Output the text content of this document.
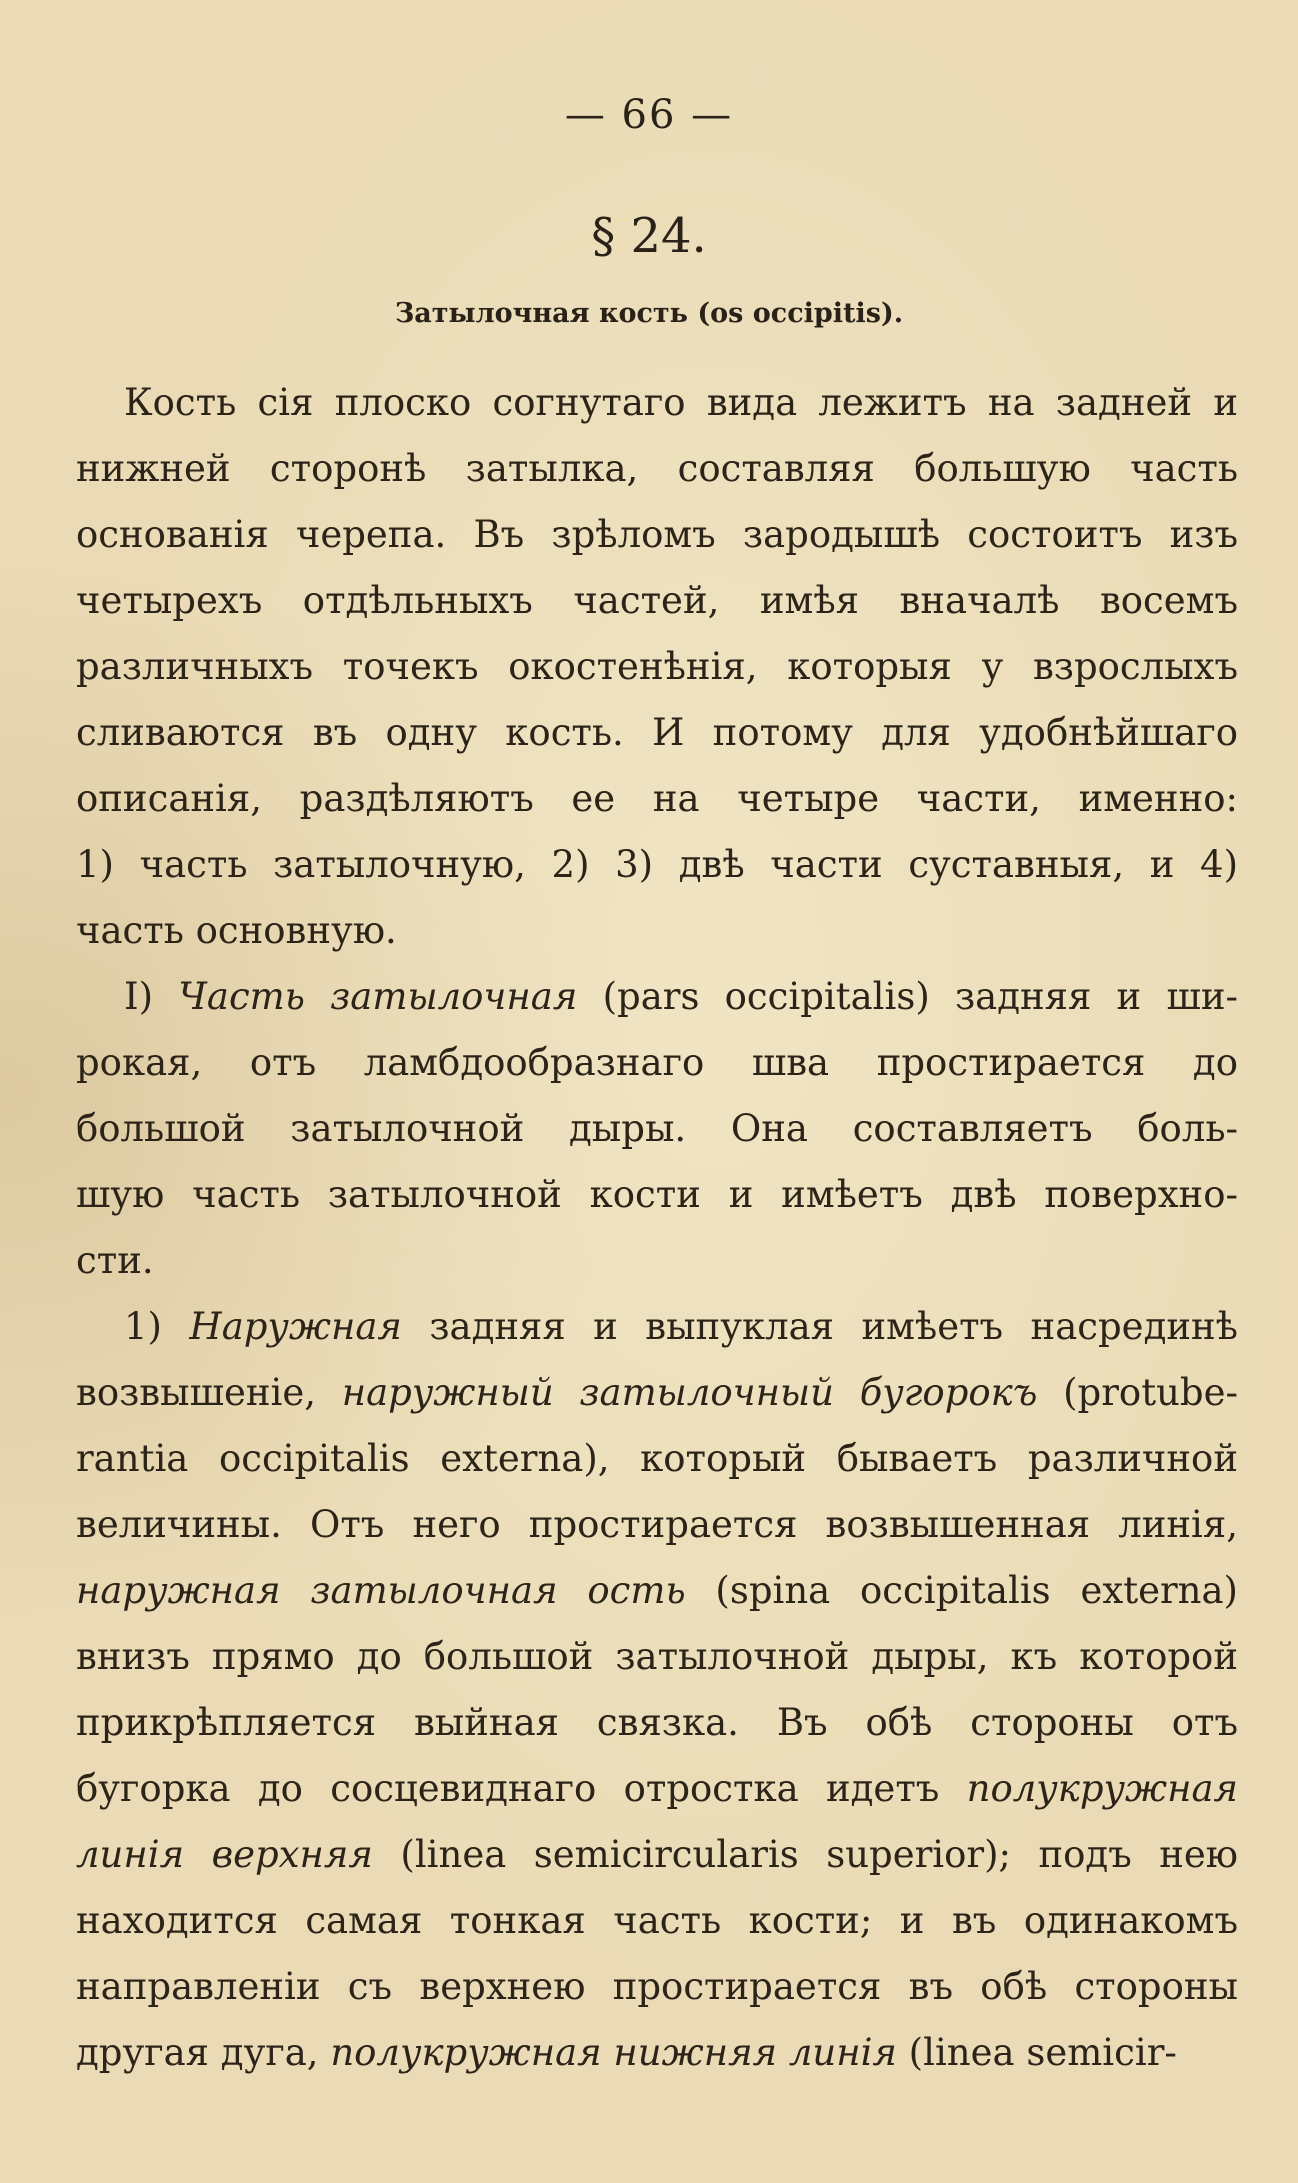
— 66 —
§ 24.
Затылочная кость (os occipitis).
Кость сія плоско согнутаго вида лежитъ на задней и
нижней сторонѣ затылка, составляя большую часть
основанія черепа. Въ зрѣломъ зародышѣ состоитъ изъ
четырехъ отдѣльныхъ частей, имѣя вначалѣ восемъ
различныхъ точекъ окостенѣнія, которыя у взрослыхъ
сливаются въ одну кость. И потому для удобнѣйшаго
описанія, раздѣляютъ ее на четыре части, именно:
1) часть затылочную, 2) 3) двѣ части суставныя, и 4)
часть основную.
I) Часть затылочная (pars occipitalis) задняя и ши-
рокая, отъ ламбдообразнаго шва простирается до
большой затылочной дыры. Она составляетъ боль-
шую часть затылочной кости и имѣетъ двѣ поверхно-
сти.
1) Наружная задняя и выпуклая имѣетъ насрединѣ
возвышеніе, наружный затылочный бугорокъ (protube-
rantia occipitalis externa), который бываетъ различной
величины. Отъ него простирается возвышенная линія,
наружная затылочная ость (spina occipitalis externa)
внизъ прямо до большой затылочной дыры, къ которой
прикрѣпляется выйная связка. Въ обѣ стороны отъ
бугорка до сосцевиднаго отростка идетъ полукружная
линія верхняя (linea semicircularis superior); подъ нею
находится самая тонкая часть кости; и въ одинакомъ
направленіи съ верхнею простирается въ обѣ стороны
другая дуга, полукружная нижняя линія (linea semicir-
